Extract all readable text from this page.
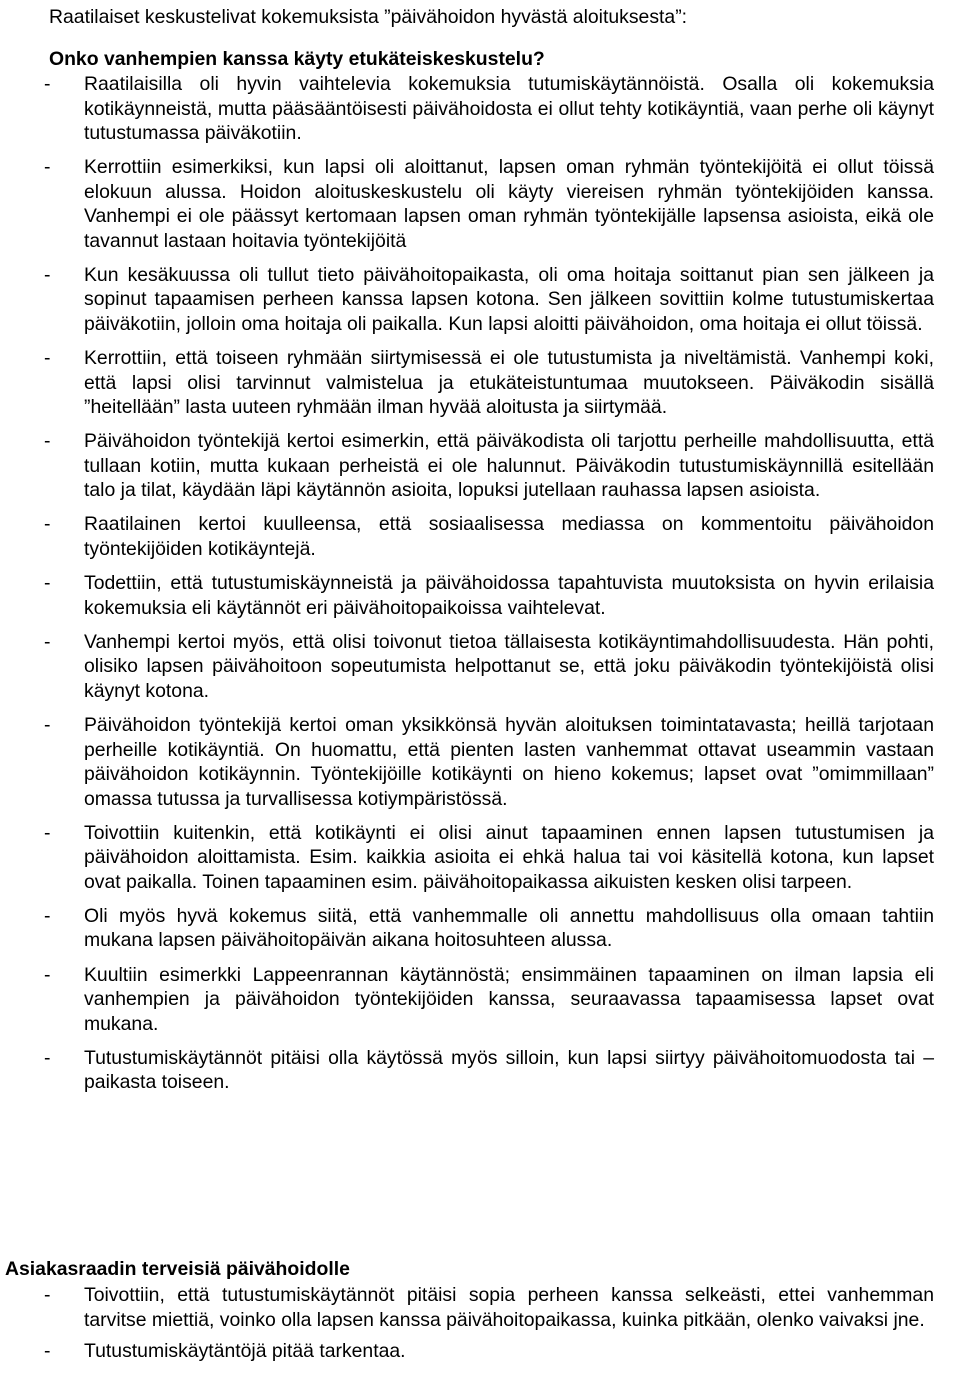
Raatilaiset keskustelivat kokemuksista ”päivähoidon hyvästä aloituksesta”:

Onko vanhempien kanssa käyty etukäteiskeskustelu?

-	Raatilaisilla oli hyvin vaihtelevia kokemuksia tutumiskäytännöistä. Osalla oli kokemuksia kotikäynneistä, mutta pääsääntöisesti päivähoidosta ei ollut tehty kotikäyntiä, vaan perhe oli käynyt tutustumassa päiväkotiin.
-	Kerrottiin esimerkiksi, kun lapsi oli aloittanut, lapsen oman ryhmän työntekijöitä ei ollut töissä elokuun alussa. Hoidon aloituskeskustelu oli käyty viereisen ryhmän työntekijöiden kanssa. Vanhempi ei ole päässyt kertomaan lapsen oman ryhmän työntekijälle lapsensa asioista, eikä ole tavannut lastaan hoitavia työntekijöitä
-	Kun kesäkuussa oli tullut tieto päivähoitopaikasta, oli oma hoitaja soittanut pian sen jälkeen ja sopinut tapaamisen perheen kanssa lapsen kotona. Sen jälkeen sovittiin kolme tutustumiskertaa päiväkotiin, jolloin oma hoitaja oli paikalla. Kun lapsi aloitti päivähoidon, oma hoitaja ei ollut töissä.
-	Kerrottiin, että toiseen ryhmään siirtymisessä ei ole tutustumista ja niveltämistä. Vanhempi koki, että lapsi olisi tarvinnut valmistelua ja etukäteistuntumaa muutokseen. Päiväkodin sisällä ”heitellään” lasta uuteen ryhmään ilman hyvää aloitusta ja siirtymää.
-	Päivähoidon työntekijä kertoi esimerkin, että päiväkodista oli tarjottu perheille mahdollisuutta, että tullaan kotiin, mutta kukaan perheistä ei ole halunnut. Päiväkodin tutustumiskäynnillä esitellään talo ja tilat, käydään läpi käytännön asioita, lopuksi jutellaan rauhassa lapsen asioista.
-	Raatilainen kertoi kuulleensa, että sosiaalisessa mediassa on kommentoitu päivähoidon työntekijöiden kotikäyntejä.
-	Todettiin, että tutustumiskäynneistä ja päivähoidossa tapahtuvista muutoksista on hyvin erilaisia kokemuksia eli käytännöt eri päivähoitopaikoissa vaihtelevat.
-	Vanhempi kertoi myös, että olisi toivonut tietoa tällaisesta kotikäyntimahdollisuudesta. Hän pohti, olisiko lapsen päivähoitoon sopeutumista helpottanut se, että joku päiväkodin työntekijöistä olisi käynyt kotona.
-	Päivähoidon työntekijä kertoi oman yksikkönsä hyvän aloituksen toimintatavasta; heillä tarjotaan perheille kotikäyntiä. On huomattu, että pienten lasten vanhemmat ottavat useammin vastaan päivähoidon kotikäynnin. Työntekijöille kotikäynti on hieno kokemus; lapset ovat ”omimmillaan” omassa tutussa ja turvallisessa kotiympäristössä.
-	Toivottiin kuitenkin, että kotikäynti ei olisi ainut tapaaminen ennen lapsen tutustumisen ja päivähoidon aloittamista. Esim. kaikkia asioita ei ehkä halua tai voi käsitellä kotona, kun lapset ovat paikalla. Toinen tapaaminen esim. päivähoitopaikassa aikuisten kesken olisi tarpeen.
-	Oli myös hyvä kokemus siitä, että vanhemmalle oli annettu mahdollisuus olla omaan tahtiin mukana lapsen päivähoitopäivän aikana hoitosuhteen alussa.
-	Kuultiin esimerkki Lappeenrannan käytännöstä; ensimmäinen tapaaminen on ilman lapsia eli vanhempien ja päivähoidon työntekijöiden kanssa, seuraavassa tapaamisessa lapset ovat mukana.
-	Tutustumiskäytännöt pitäisi olla käytössä myös silloin, kun lapsi siirtyy päivähoitomuodosta tai – paikasta toiseen.

Asiakasraadin terveisiä päivähoidolle

-	Toivottiin, että tutustumiskäytännöt pitäisi sopia perheen kanssa selkeästi, ettei vanhemman tarvitse miettiä, voinko olla lapsen kanssa päivähoitopaikassa, kuinka pitkään, olenko vaivaksi jne.
-	Tutustumiskäytäntöjä pitää tarkentaa.
